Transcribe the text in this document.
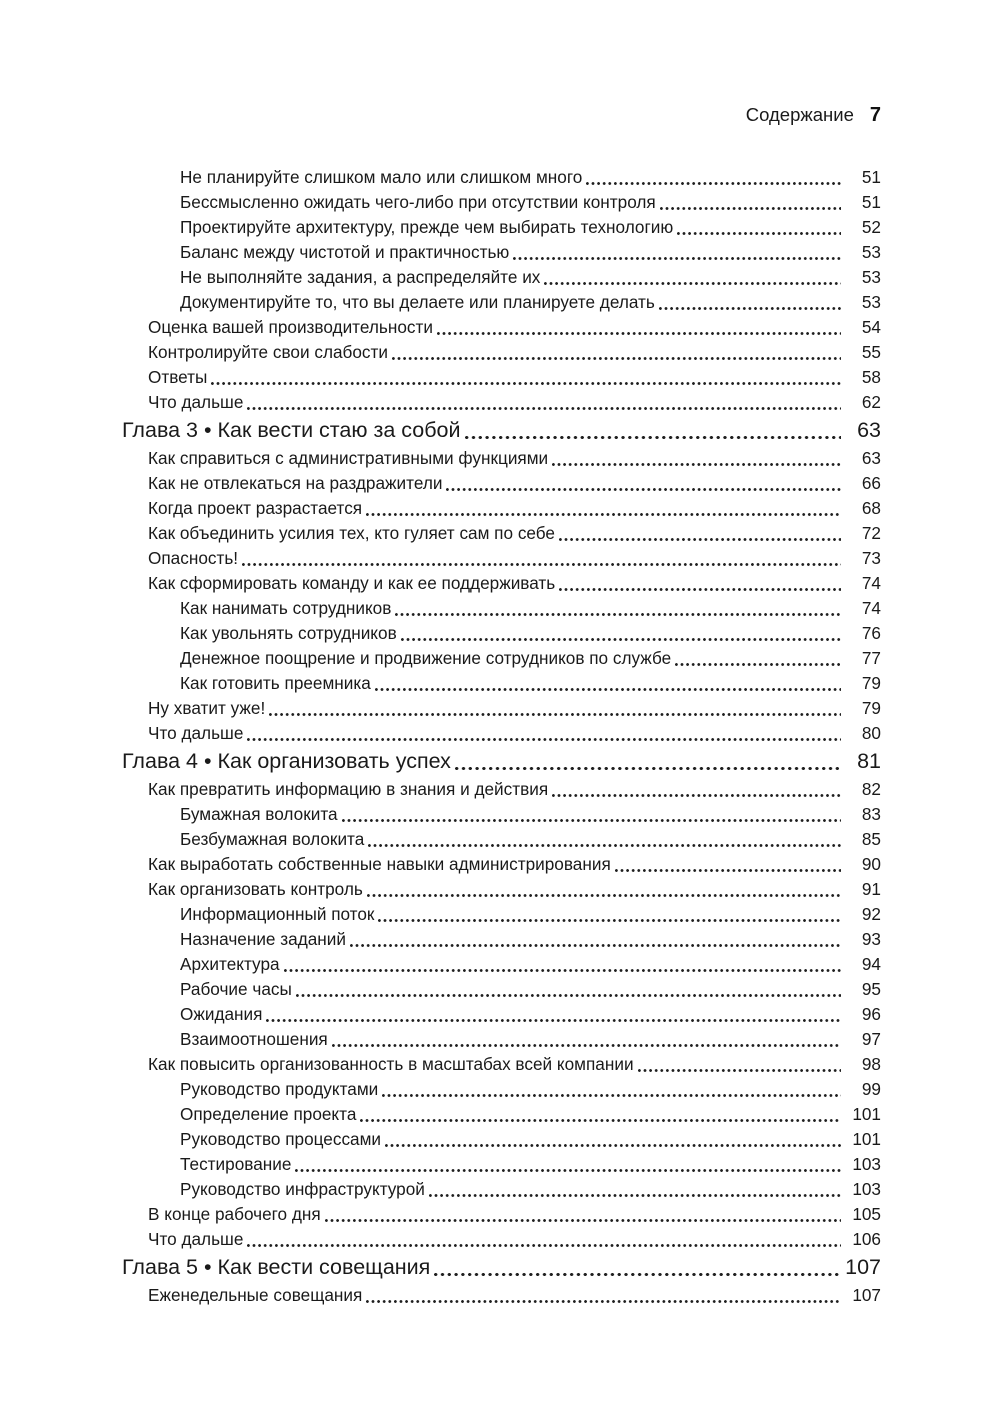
Содержание 7
Не планируйте слишком мало или слишком много	51
Бессмысленно ожидать чего-либо при отсутствии контроля	51
Проектируйте архитектуру, прежде чем выбирать технологию	52
Баланс между чистотой и практичностью	53
Не выполняйте задания, а распределяйте их	53
Документируйте то, что вы делаете или планируете делать	53
Оценка вашей производительности	54
Контролируйте свои слабости	55
Ответы	58
Что дальше	62
Глава 3 • Как вести стаю за собой	63
Как справиться с административными функциями	63
Как не отвлекаться на раздражители	66
Когда проект разрастается	68
Как объединить усилия тех, кто гуляет сам по себе	72
Опасность!	73
Как сформировать команду и как ее поддерживать	74
Как нанимать сотрудников	74
Как увольнять сотрудников	76
Денежное поощрение и продвижение сотрудников по службе	77
Как готовить преемника	79
Ну хватит уже!	79
Что дальше	80
Глава 4 • Как организовать успех	81
Как превратить информацию в знания и действия	82
Бумажная волокита	83
Безбумажная волокита	85
Как выработать собственные навыки администрирования	90
Как организовать контроль	91
Информационный поток	92
Назначение заданий	93
Архитектура	94
Рабочие часы	95
Ожидания	96
Взаимоотношения	97
Как повысить организованность в масштабах всей компании	98
Руководство продуктами	99
Определение проекта	101
Руководство процессами	101
Тестирование	103
Руководство инфраструктурой	103
В конце рабочего дня	105
Что дальше	106
Глава 5 • Как вести совещания	107
Еженедельные совещания	107
